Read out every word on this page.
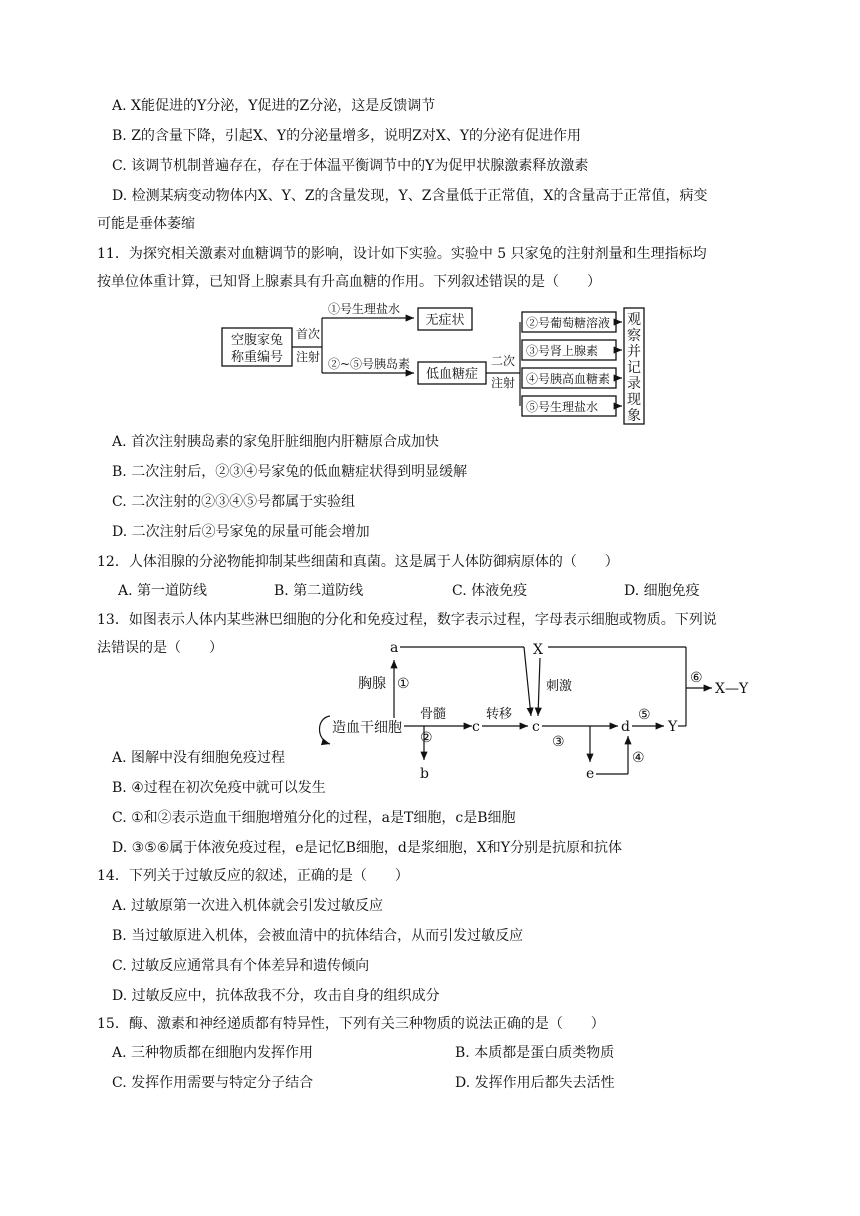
A. X能促进的Y分泌，Y促进的Z分泌，这是反馈调节
B. Z的含量下降，引起X、Y的分泌量增多，说明Z对X、Y的分泌有促进作用
C. 该调节机制普遍存在，存在于体温平衡调节中的Y为促甲状腺激素释放激素
D. 检测某病变动物体内X、Y、Z的含量发现，Y、Z含量低于正常值，X的含量高于正常值，病变
可能是垂体萎缩
11．为探究相关激素对血糖调节的影响，设计如下实验。实验中 5 只家兔的注射剂量和生理指标均
按单位体重计算，已知肾上腺素具有升高血糖的作用。下列叙述错误的是（　　）
空腹家兔
称重编号
首次
注射
①号生理盐水
②~⑤号胰岛素
无症状
低血糖症
二次
注射
②号葡萄糖溶液
③号肾上腺素
④号胰高血糖素
⑤号生理盐水
观
察
并
记
录
现
象
A. 首次注射胰岛素的家兔肝脏细胞内肝糖原合成加快
B. 二次注射后，②③④号家兔的低血糖症状得到明显缓解
C. 二次注射的②③④⑤号都属于实验组
D. 二次注射后②号家兔的尿量可能会增加
12．人体泪腺的分泌物能抑制某些细菌和真菌。这是属于人体防御病原体的（　　）
A. 第一道防线	B. 第二道防线	C. 体液免疫	D. 细胞免疫
13．如图表示人体内某些淋巴细胞的分化和免疫过程，数字表示过程，字母表示细胞或物质。下列说
法错误的是（　　）
造血干细胞
a
胸腺 ①
骨髓
②
b
c
转移
c
X
刺激
③
e
④
d
⑤
Y
⑥
X—Y
A. 图解中没有细胞免疫过程
B. ④过程在初次免疫中就可以发生
C. ①和②表示造血干细胞增殖分化的过程，a是T细胞，c是B细胞
D. ③⑤⑥属于体液免疫过程，e是记忆B细胞，d是浆细胞，X和Y分别是抗原和抗体
14．下列关于过敏反应的叙述，正确的是（　　）
A. 过敏原第一次进入机体就会引发过敏反应
B. 当过敏原进入机体，会被血清中的抗体结合，从而引发过敏反应
C. 过敏反应通常具有个体差异和遗传倾向
D. 过敏反应中，抗体敌我不分，攻击自身的组织成分
15．酶、激素和神经递质都有特异性，下列有关三种物质的说法正确的是（　　）
A. 三种物质都在细胞内发挥作用	B. 本质都是蛋白质类物质
C. 发挥作用需要与特定分子结合	D. 发挥作用后都失去活性
